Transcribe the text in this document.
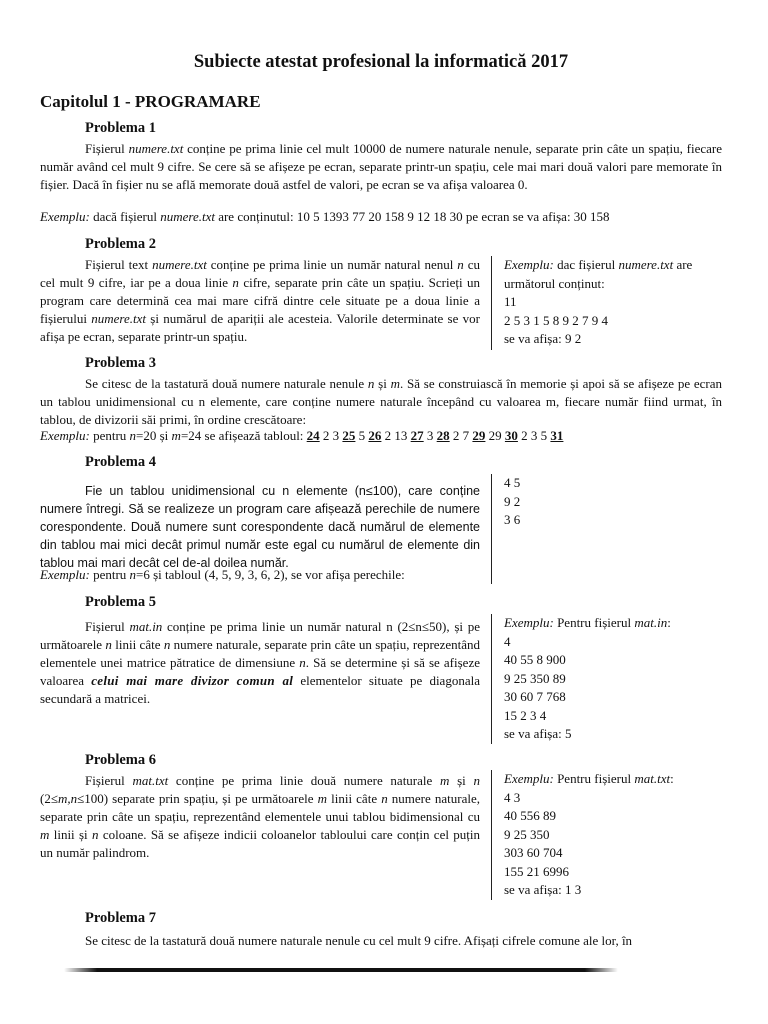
Subiecte atestat profesional la informatică 2017
Capitolul 1 - PROGRAMARE
Problema 1

Fișierul numere.txt conține pe prima linie cel mult 10000 de numere naturale nenule, separate prin câte un spațiu, fiecare număr având cel mult 9 cifre. Se cere să se afișeze pe ecran, separate printr-un spațiu, cele mai mari două valori pare memorate în fișier. Dacă în fișier nu se află memorate două astfel de valori, pe ecran se va afișa valoarea 0.

Exemplu: dacă fișierul numere.txt are conținutul: 10 5 1393 77 20 158 9 12 18 30 pe ecran se va afișa: 30 158

Problema 2

Fișierul text numere.txt conține pe prima linie un număr natural nenul n cu cel mult 9 cifre, iar pe a doua linie n cifre, separate prin câte un spațiu. Scrieți un program care determină cea mai mare cifră dintre cele situate pe a doua linie a fișierului numere.txt și numărul de apariții ale acesteia. Valorile determinate se vor afișa pe ecran, separate printr-un spațiu.

Exemplu: dac fișierul numere.txt are
următorul conținut:
11
2 5 3 1 5 8 9 2 7 9 4
se va afișa: 9 2
Problema 3

Se citesc de la tastatură două numere naturale nenule n și m. Să se construiască în memorie și apoi să se afișeze pe ecran un tablou unidimensional cu n elemente, care conține numere naturale începând cu valoarea m, fiecare număr fiind urmat, în tablou, de divizorii săi primi, în ordine crescătoare:

Exemplu: pentru n=20 și m=24 se afișează tabloul: 24 2 3 25 5 26 2 13 27 3 28 2 7 29 29 30 2 3 5 31

Problema 4

Fie un tablou unidimensional cu n elemente (n≤100), care conține numere întregi. Să se realizeze un program care afișează perechile de numere corespondente. Două numere sunt corespondente dacă numărul de elemente din tablou mai mici decât primul număr este egal cu numărul de elemente din tablou mai mari decât cel de-al doilea număr.

Exemplu: pentru n=6 și tabloul (4, 5, 9, 3, 6, 2), se vor afișa perechile:

4 5
9 2
3 6
Problema 5

Fișierul mat.in conține pe prima linie un număr natural n (2≤n≤50), și pe următoarele n linii câte n numere naturale, separate prin câte un spațiu, reprezentând elementele unei matrice pătratice de dimensiune n. Să se determine și să se afișeze valoarea celui mai mare divizor comun al elementelor situate pe diagonala secundară a matricei.

Exemplu: Pentru fișierul mat.in:
4
40 55 8 900
9 25 350 89
30 60 7 768
15 2 3 4
se va afișa: 5
Problema 6

Fișierul mat.txt conține pe prima linie două numere naturale m și n (2≤m,n≤100) separate prin spațiu, și pe următoarele m linii câte n numere naturale, separate prin câte un spațiu, reprezentând elementele unui tablou bidimensional cu m linii și n coloane. Să se afișeze indicii coloanelor tabloului care conțin cel puțin un număr palindrom.

Exemplu: Pentru fișierul mat.txt:
4 3
40 556 89
9 25 350
303 60 704
155 21 6996
se va afișa: 1 3
Problema 7

Se citesc de la tastatură două numere naturale nenule cu cel mult 9 cifre. Afișați cifrele comune ale lor, în
